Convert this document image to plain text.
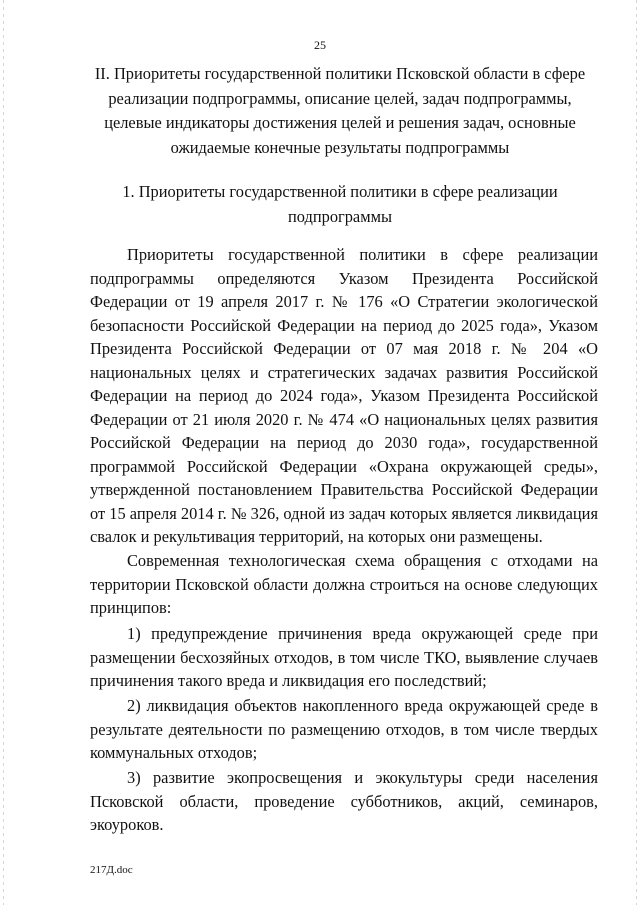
25
II. Приоритеты государственной политики Псковской области в сфере реализации подпрограммы, описание целей, задач подпрограммы, целевые индикаторы достижения целей и решения задач, основные ожидаемые конечные результаты подпрограммы
1. Приоритеты государственной политики в сфере реализации подпрограммы

Приоритеты государственной политики в сфере реализации подпрограммы определяются Указом Президента Российской Федерации от 19 апреля 2017 г. № 176 «О Стратегии экологической безопасности Российской Федерации на период до 2025 года», Указом Президента Российской Федерации от 07 мая 2018 г. № 204 «О национальных целях и стратегических задачах развития Российской Федерации на период до 2024 года», Указом Президента Российской Федерации от 21 июля 2020 г. № 474 «О национальных целях развития Российской Федерации на период до 2030 года», государственной программой Российской Федерации «Охрана окружающей среды», утвержденной постановлением Правительства Российской Федерации от 15 апреля 2014 г. № 326, одной из задач которых является ликвидация свалок и рекультивация территорий, на которых они размещены.

Современная технологическая схема обращения с отходами на территории Псковской области должна строиться на основе следующих принципов:

1) предупреждение причинения вреда окружающей среде при размещении бесхозяйных отходов, в том числе ТКО, выявление случаев причинения такого вреда и ликвидация его последствий;

2) ликвидация объектов накопленного вреда окружающей среде в результате деятельности по размещению отходов, в том числе твердых коммунальных отходов;

3) развитие экопросвещения и экокультуры среди населения Псковской области, проведение субботников, акций, семинаров, экоуроков.

217Д.doc
